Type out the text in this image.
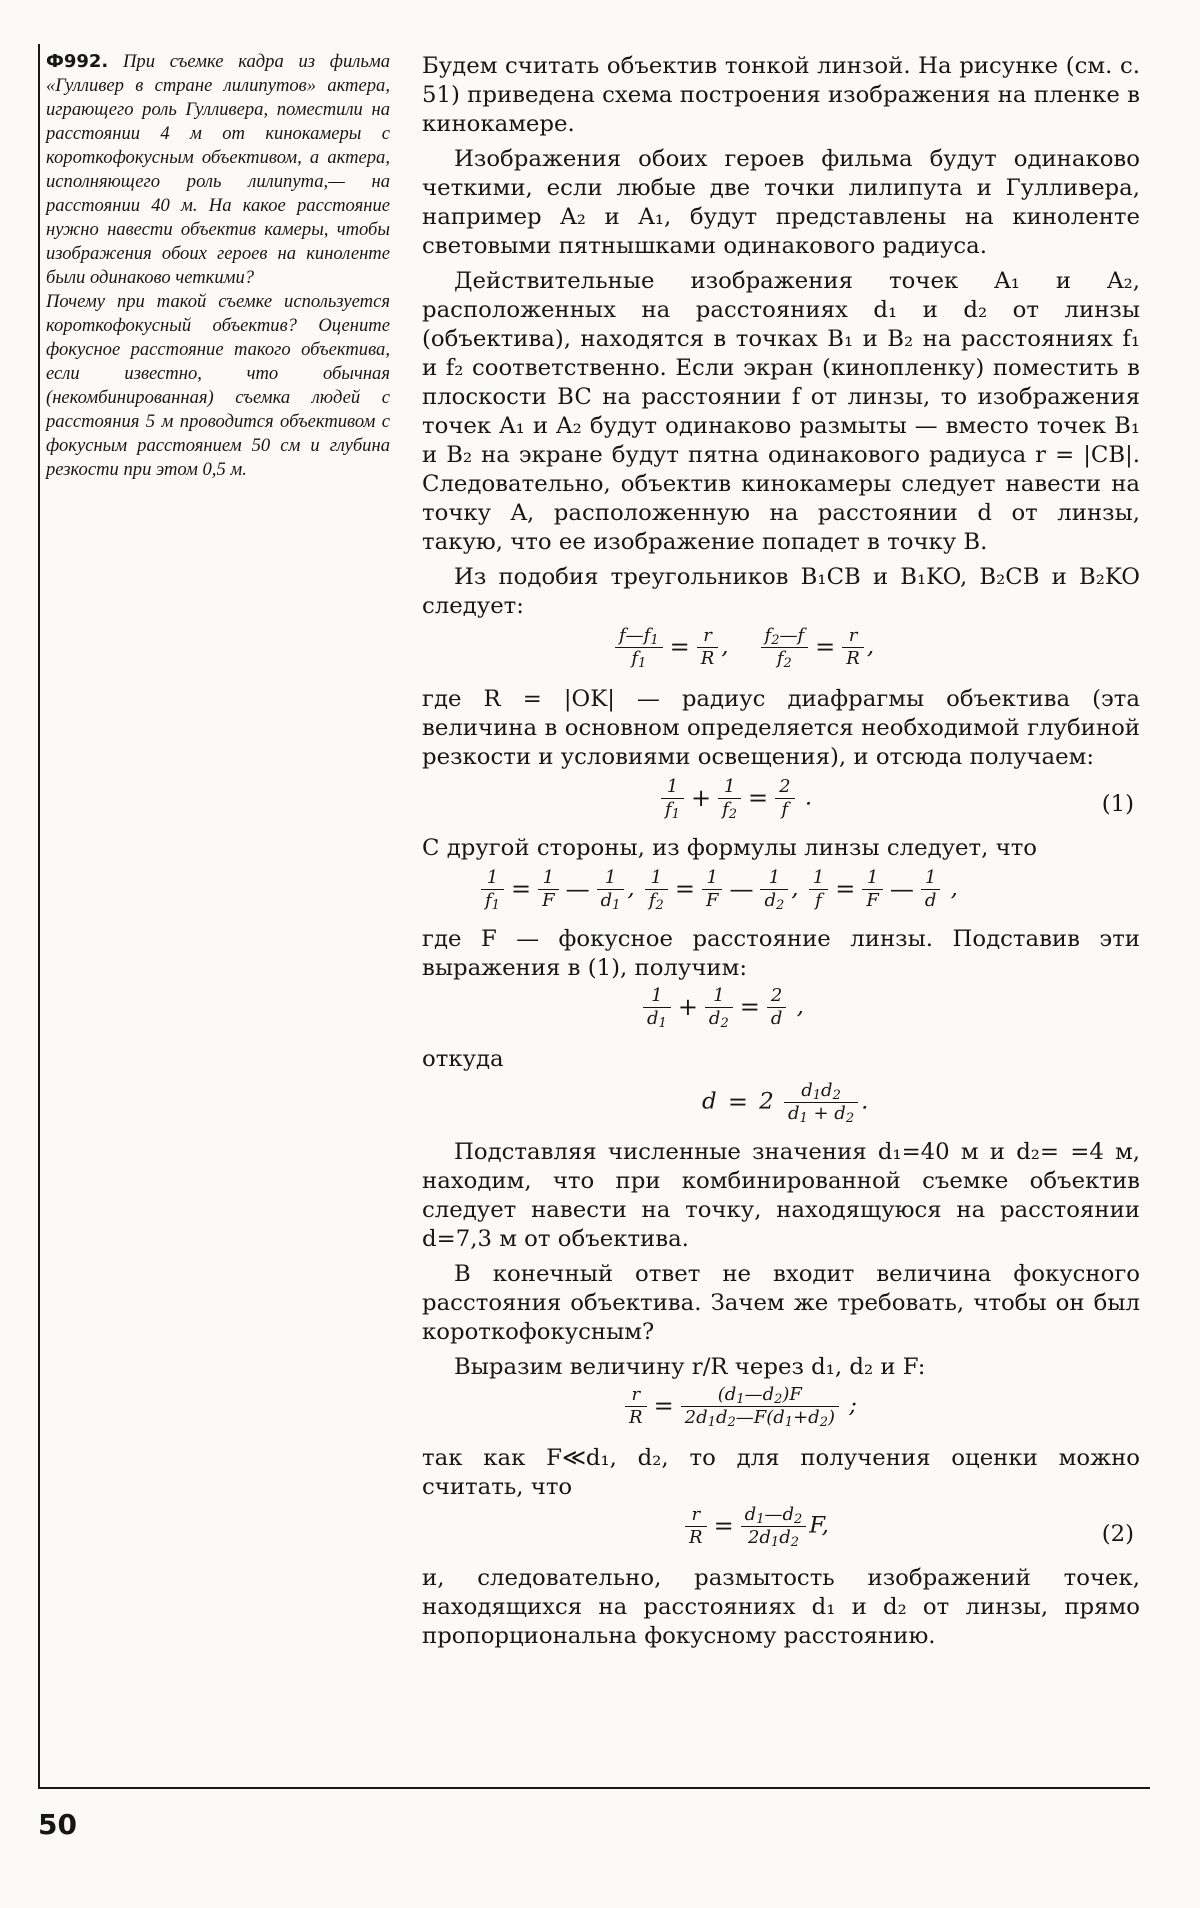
Ф992. При съемке кадра из фильма «Гулливер в стране лилипутов» актера, играющего роль Гулливера, поместили на расстоянии 4 м от кинокамеры с короткофокусным объективом, а актера, исполняющего роль лилипута,— на расстоянии 40 м. На какое расстояние нужно навести объектив камеры, чтобы изображения обоих героев на киноленте были одинаково четкими?

Почему при такой съемке используется короткофокусный объектив? Оцените фокусное расстояние такого объектива, если известно, что обычная (некомбинированная) съемка людей с расстояния 5 м проводится объективом с фокусным расстоянием 50 см и глубина резкости при этом 0,5 м.

Будем считать объектив тонкой линзой. На рисунке (см. с. 51) приведена схема построения изображения на пленке в кинокамере.

Изображения обоих героев фильма будут одинаково четкими, если любые две точки лилипута и Гулливера, например A₂ и A₁, будут представлены на киноленте световыми пятнышками одинакового радиуса.

Действительные изображения точек A₁ и A₂, расположенных на расстояниях d₁ и d₂ от линзы (объектива), находятся в точках B₁ и B₂ на расстояниях f₁ и f₂ соответственно. Если экран (кинопленку) поместить в плоскости BC на расстоянии f от линзы, то изображения точек A₁ и A₂ будут одинаково размыты — вместо точек B₁ и B₂ на экране будут пятна одинакового радиуса r = |CB|. Следовательно, объектив кинокамеры следует навести на точку A, расположенную на расстоянии d от линзы, такую, что ее изображение попадет в точку B.

Из подобия треугольников B₁CB и B₁KO, B₂CB и B₂KO следует:

$\frac{f—f_1}{f_1} = \frac{r}{R}$ , $\frac{f_2—f}{f_2} = \frac{r}{R}$ ,

где R = |OK| — радиус диафрагмы объектива (эта величина в основном определяется необходимой глубиной резкости и условиями освещения), и отсюда получаем:

$\frac{1}{f_1} + \frac{1}{f_2} = \frac{2}{f}$ .	(1)

С другой стороны, из формулы линзы следует, что

$\frac{1}{f_1} = \frac{1}{F}$ — $\frac{1}{d_1}$ , $\frac{1}{f_2} = \frac{1}{F}$ — $\frac{1}{d_2}$ , $\frac{1}{f} = \frac{1}{F}$ — $\frac{1}{d}$ ,

где F — фокусное расстояние линзы. Подставив эти выражения в (1), получим:

$\frac{1}{d_1} + \frac{1}{d_2} = \frac{2}{d}$ ,

откуда

$d = 2 \frac{d_1d_2}{d_1 + d_2}$ .

Подставляя численные значения d₁=40 м и d₂= =4 м, находим, что при комбинированной съемке объектив следует навести на точку, находящуюся на расстоянии d=7,3 м от объектива.

В конечный ответ не входит величина фокусного расстояния объектива. Зачем же требовать, чтобы он был короткофокусным?

Выразим величину r/R через d₁, d₂ и F:

$\frac{r}{R} = \frac{(d_1—d_2)F}{2d_1d_2—F(d_1+d_2)}$ ;

так как F≪d₁, d₂, то для получения оценки можно считать, что

$\frac{r}{R} = \frac{d_1—d_2}{2d_1d_2} F$,	(2)

и, следовательно, размытость изображений точек, находящихся на расстояниях d₁ и d₂ от линзы, прямо пропорциональна фокусному расстоянию.

50
